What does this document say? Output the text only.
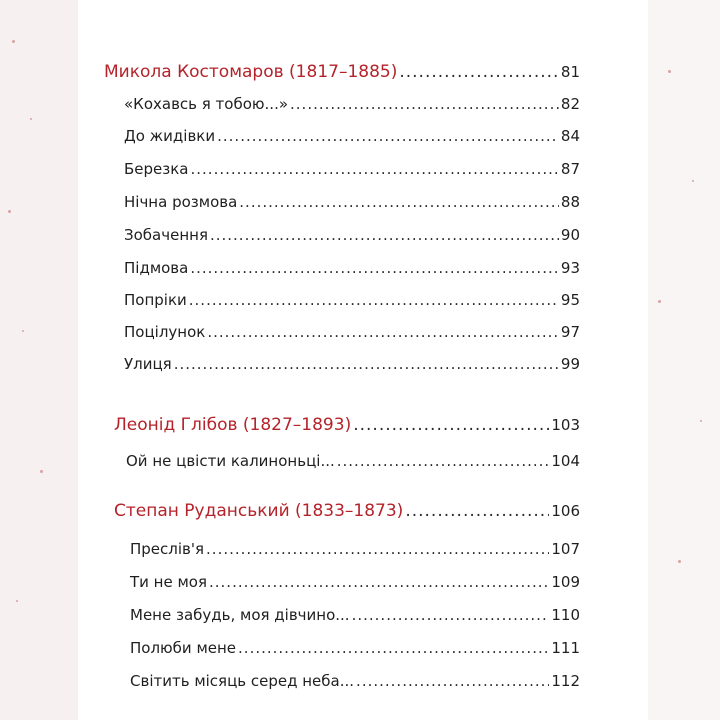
Микола Костомаров (1817–1885) .....	81
«Кохавсь я тобою...» .....	82
До жидівки .....	84
Березка .....	87
Нічна розмова .....	88
Зобачення .....	90
Підмова .....	93
Попріки .....	95
Поцілунок .....	97
Улиця .....	99
Леонід Глібов (1827–1893) .....	103
Ой не цвісти калиноньці... .....	104
Степан Руданський (1833–1873) .....	106
Преслів'я .....	107
Ти не моя .....	109
Мене забудь, моя дівчино... .....	110
Полюби мене .....	111
Світить місяць серед неба... .....	112
